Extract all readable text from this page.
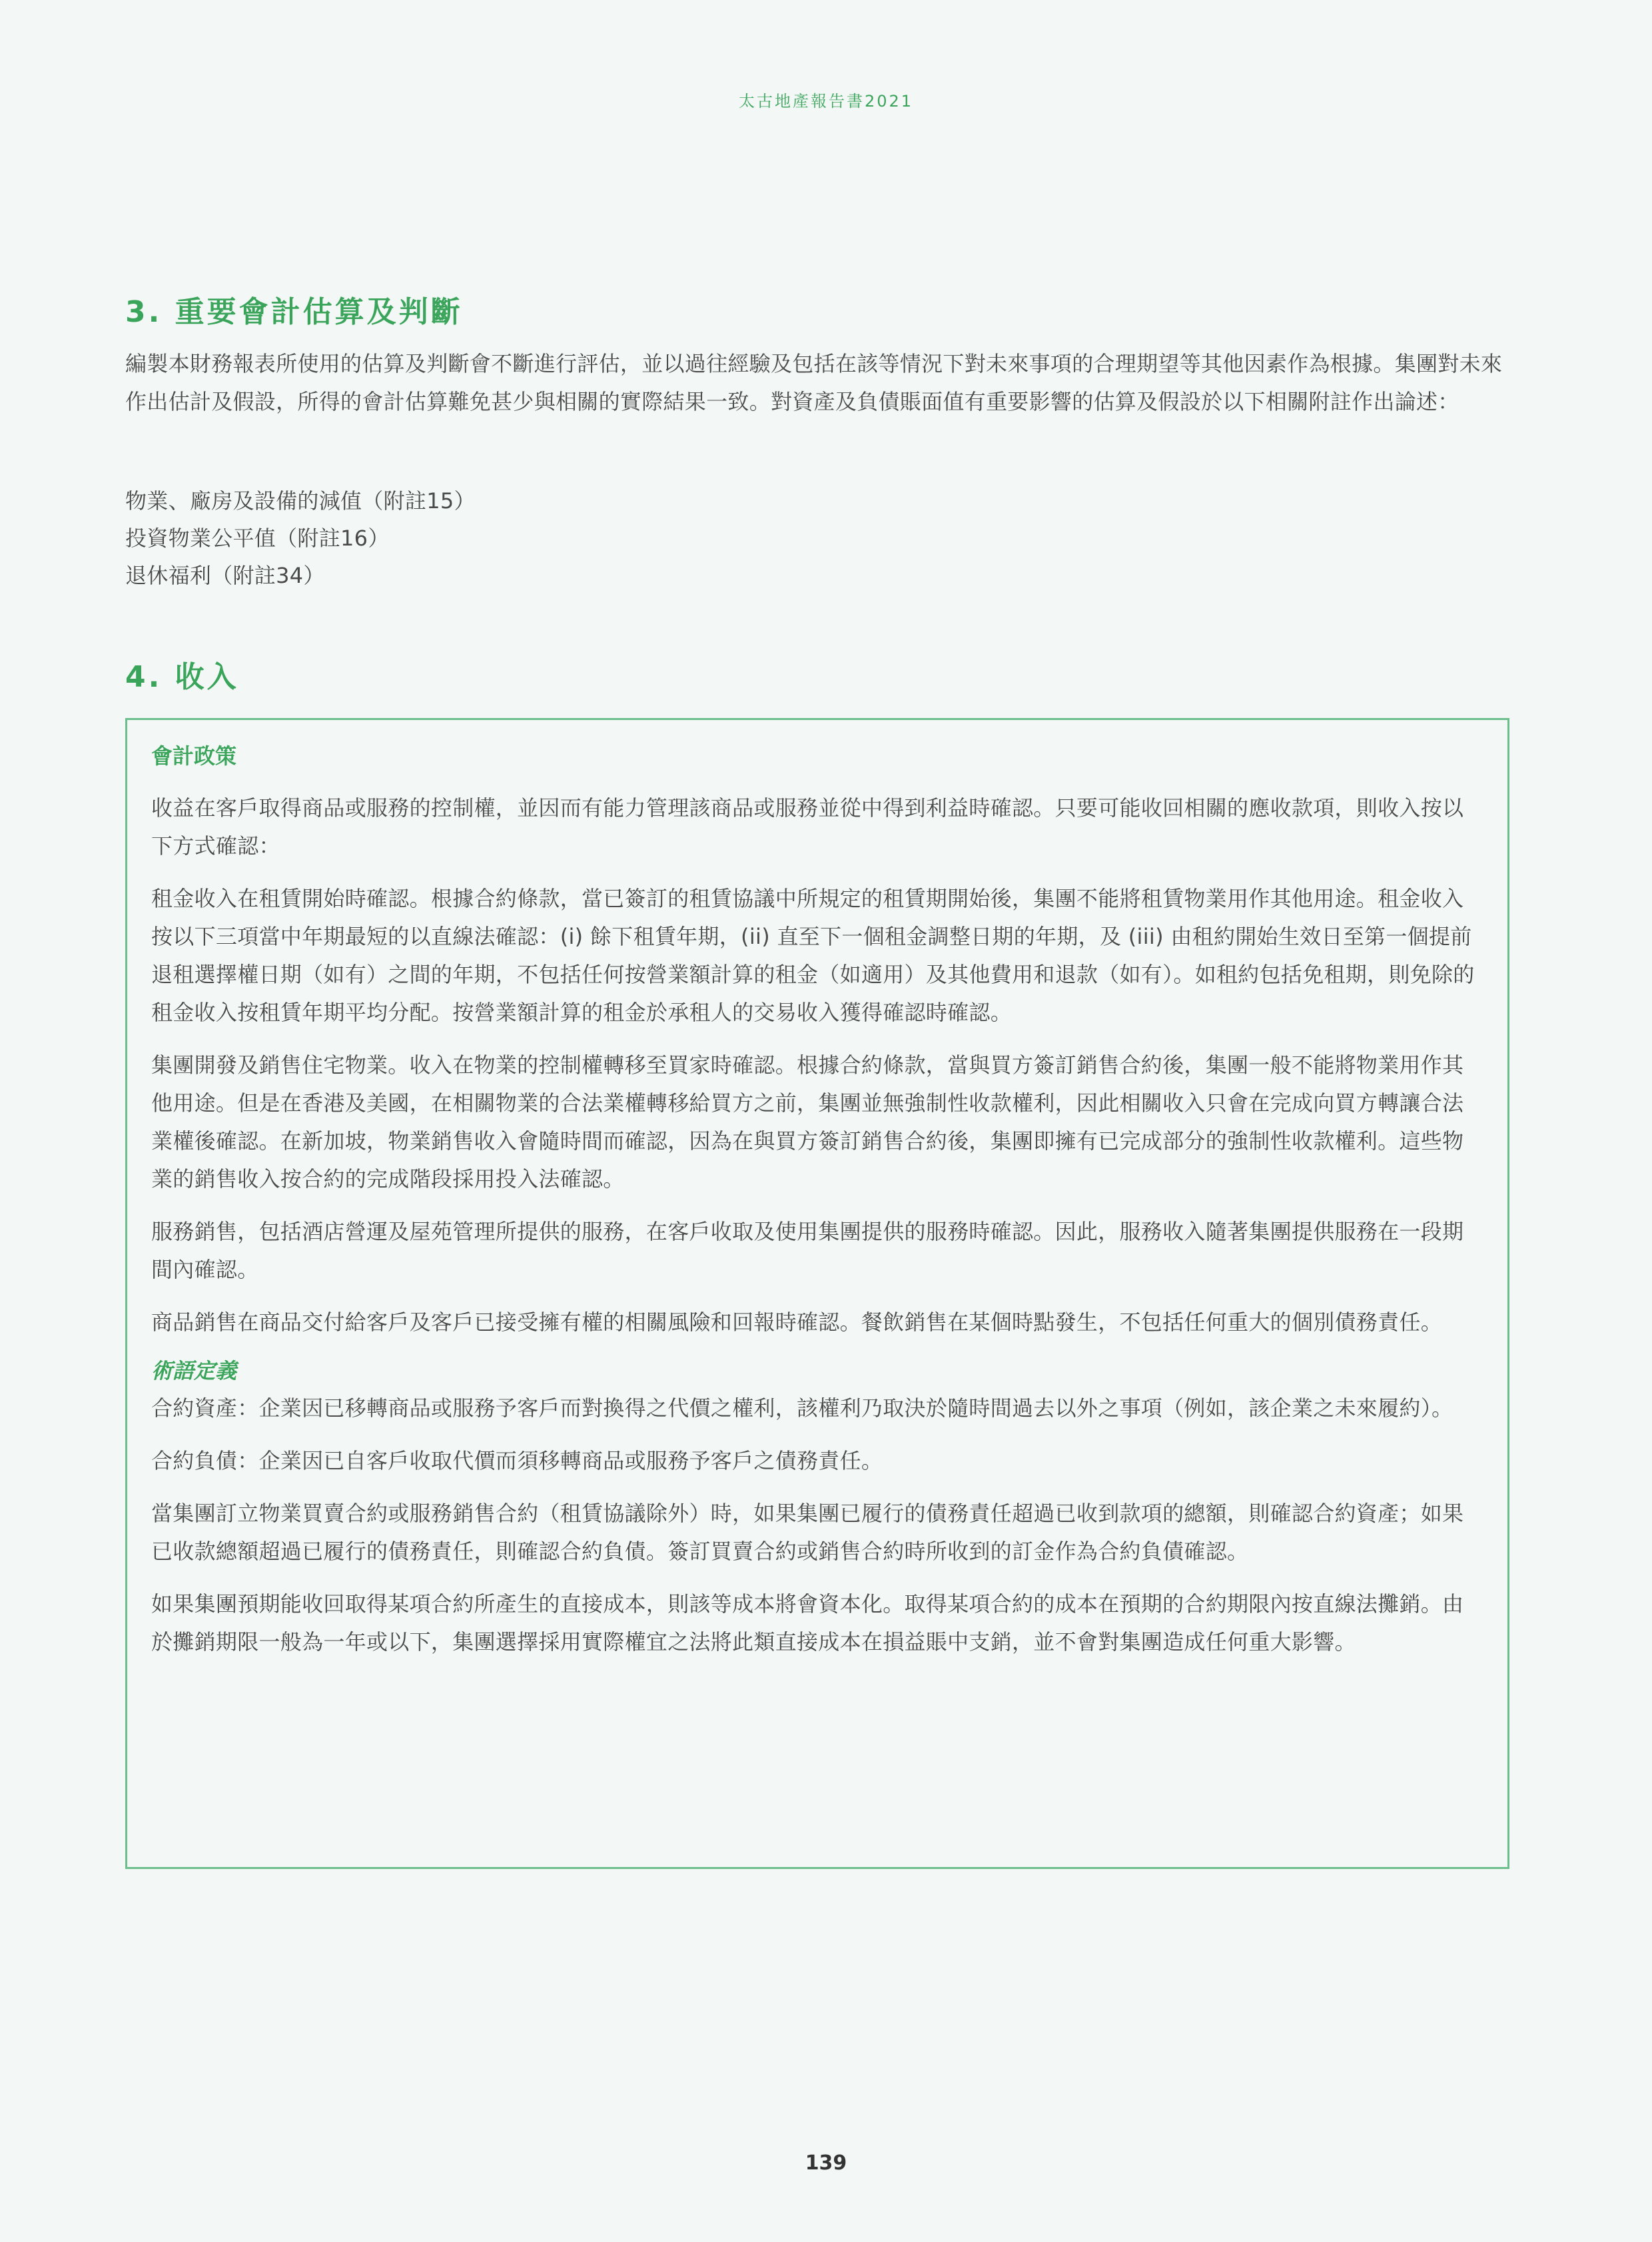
太古地產報告書2021
3. 重要會計估算及判斷
編製本財務報表所使用的估算及判斷會不斷進行評估，並以過往經驗及包括在該等情況下對未來事項的合理期望等其他因素作為根據。集團對未來作出估計及假設，所得的會計估算難免甚少與相關的實際結果一致。對資產及負債賬面值有重要影響的估算及假設於以下相關附註作出論述：
物業、廠房及設備的減值（附註15）
投資物業公平值（附註16）
退休福利（附註34）
4. 收入
會計政策

收益在客戶取得商品或服務的控制權，並因而有能力管理該商品或服務並從中得到利益時確認。只要可能收回相關的應收款項，則收入按以下方式確認：

租金收入在租賃開始時確認。根據合約條款，當已簽訂的租賃協議中所規定的租賃期開始後，集團不能將租賃物業用作其他用途。租金收入按以下三項當中年期最短的以直線法確認：(i) 餘下租賃年期，(ii) 直至下一個租金調整日期的年期，及 (iii) 由租約開始生效日至第一個提前退租選擇權日期（如有）之間的年期，不包括任何按營業額計算的租金（如適用）及其他費用和退款（如有）。如租約包括免租期，則免除的租金收入按租賃年期平均分配。按營業額計算的租金於承租人的交易收入獲得確認時確認。

集團開發及銷售住宅物業。收入在物業的控制權轉移至買家時確認。根據合約條款，當與買方簽訂銷售合約後，集團一般不能將物業用作其他用途。但是在香港及美國，在相關物業的合法業權轉移給買方之前，集團並無強制性收款權利，因此相關收入只會在完成向買方轉讓合法業權後確認。在新加坡，物業銷售收入會隨時間而確認，因為在與買方簽訂銷售合約後，集團即擁有已完成部分的強制性收款權利。這些物業的銷售收入按合約的完成階段採用投入法確認。

服務銷售，包括酒店營運及屋苑管理所提供的服務，在客戶收取及使用集團提供的服務時確認。因此，服務收入隨著集團提供服務在一段期間內確認。

商品銷售在商品交付給客戶及客戶已接受擁有權的相關風險和回報時確認。餐飲銷售在某個時點發生，不包括任何重大的個別債務責任。

術語定義

合約資產：企業因已移轉商品或服務予客戶而對換得之代價之權利，該權利乃取決於隨時間過去以外之事項（例如，該企業之未來履約）。

合約負債：企業因已自客戶收取代價而須移轉商品或服務予客戶之債務責任。

當集團訂立物業買賣合約或服務銷售合約（租賃協議除外）時，如果集團已履行的債務責任超過已收到款項的總額，則確認合約資產；如果已收款總額超過已履行的債務責任，則確認合約負債。簽訂買賣合約或銷售合約時所收到的訂金作為合約負債確認。

如果集團預期能收回取得某項合約所產生的直接成本，則該等成本將會資本化。取得某項合約的成本在預期的合約期限內按直線法攤銷。由於攤銷期限一般為一年或以下，集團選擇採用實際權宜之法將此類直接成本在損益賬中支銷，並不會對集團造成任何重大影響。

139
